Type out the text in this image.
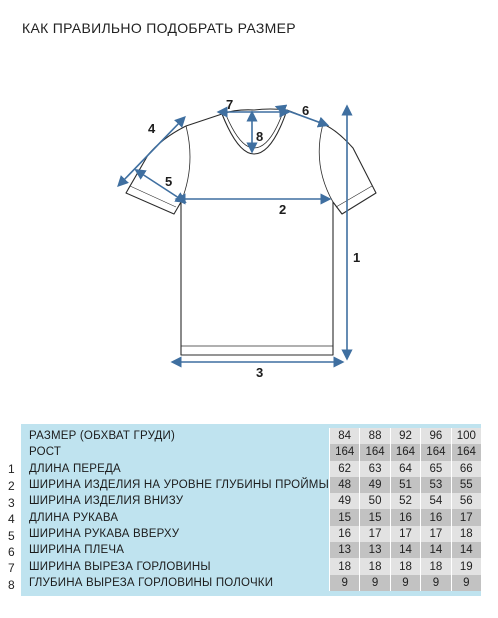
КАК ПРАВИЛЬНО ПОДОБРАТЬ РАЗМЕР
1
2
3
4
5
6
7
8
1
2
3
4
5
6
7
8
РАЗМЕР (ОБХВАТ ГРУДИ)	84	88	92	96	100
РОСТ	164	164	164	164	164
ДЛИНА ПЕРЕДА	62	63	64	65	66
ШИРИНА ИЗДЕЛИЯ НА УРОВНЕ ГЛУБИНЫ ПРОЙМЫ	48	49	51	53	55
ШИРИНА ИЗДЕЛИЯ ВНИЗУ	49	50	52	54	56
ДЛИНА РУКАВА	15	15	16	16	17
ШИРИНА РУКАВА ВВЕРХУ	16	17	17	17	18
ШИРИНА ПЛЕЧА	13	13	14	14	14
ШИРИНА ВЫРЕЗА ГОРЛОВИНЫ	18	18	18	18	19
ГЛУБИНА ВЫРЕЗА ГОРЛОВИНЫ ПОЛОЧКИ	9	9	9	9	9
